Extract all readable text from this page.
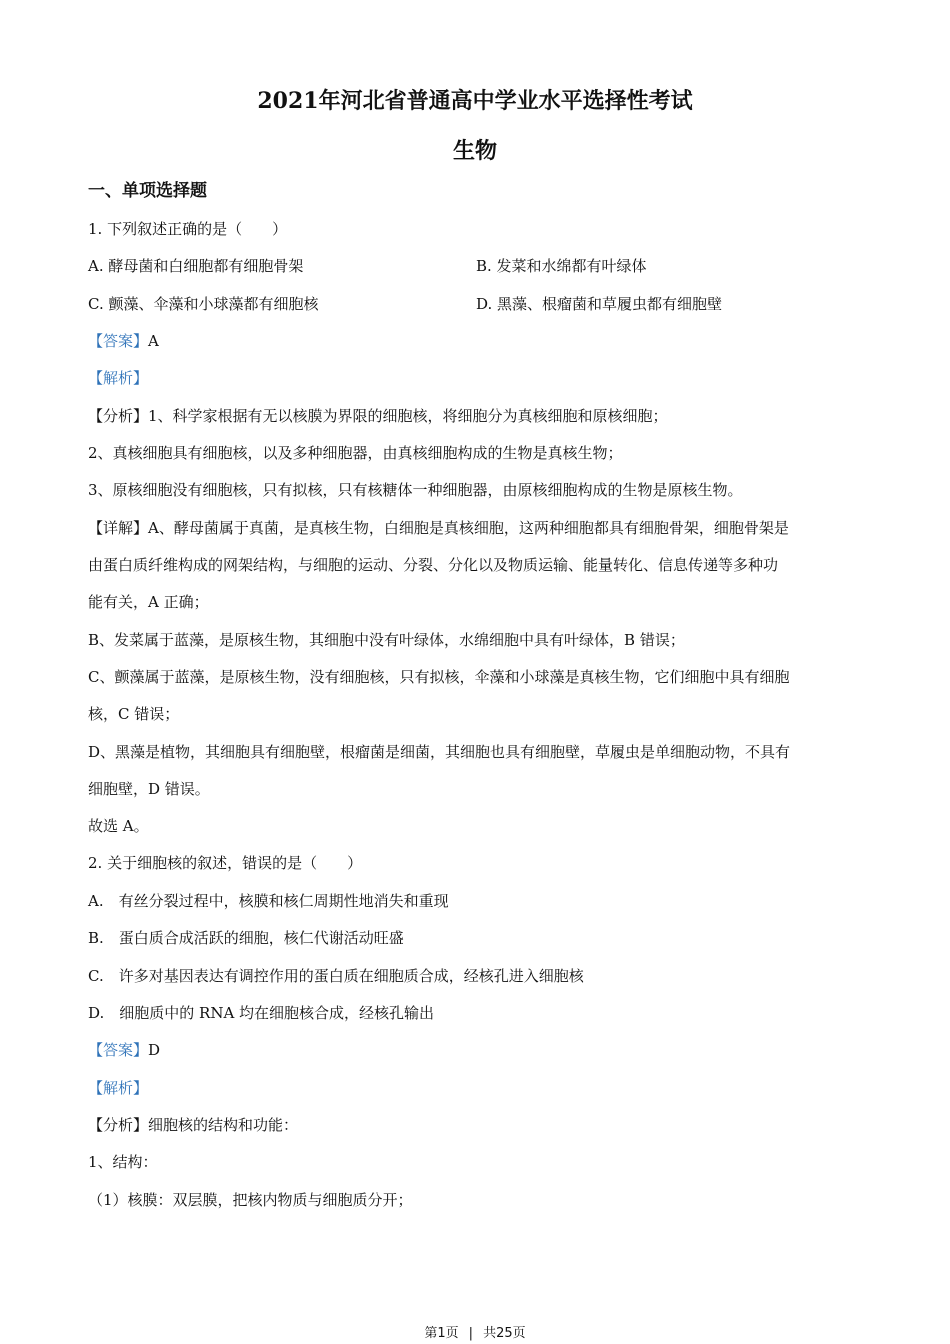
2021年河北省普通高中学业水平选择性考试
生物
一、单项选择题
1. 下列叙述正确的是（　　）
A. 酵母菌和白细胞都有细胞骨架	B. 发菜和水绵都有叶绿体
C. 颤藻、伞藻和小球藻都有细胞核	D. 黑藻、根瘤菌和草履虫都有细胞壁
【答案】A
【解析】
【分析】1、科学家根据有无以核膜为界限的细胞核，将细胞分为真核细胞和原核细胞；
2、真核细胞具有细胞核，以及多种细胞器，由真核细胞构成的生物是真核生物；
3、原核细胞没有细胞核，只有拟核，只有核糖体一种细胞器，由原核细胞构成的生物是原核生物。
【详解】A、酵母菌属于真菌，是真核生物，白细胞是真核细胞，这两种细胞都具有细胞骨架，细胞骨架是
由蛋白质纤维构成的网架结构，与细胞的运动、分裂、分化以及物质运输、能量转化、信息传递等多种功
能有关，A 正确；
B、发菜属于蓝藻，是原核生物，其细胞中没有叶绿体，水绵细胞中具有叶绿体，B 错误；
C、颤藻属于蓝藻，是原核生物，没有细胞核，只有拟核，伞藻和小球藻是真核生物，它们细胞中具有细胞
核，C 错误；
D、黑藻是植物，其细胞具有细胞壁，根瘤菌是细菌，其细胞也具有细胞壁，草履虫是单细胞动物，不具有
细胞壁，D 错误。
故选 A。
2. 关于细胞核的叙述，错误的是（　　）
A.　有丝分裂过程中，核膜和核仁周期性地消失和重现
B.　蛋白质合成活跃的细胞，核仁代谢活动旺盛
C.　许多对基因表达有调控作用的蛋白质在细胞质合成，经核孔进入细胞核
D.　细胞质中的 RNA 均在细胞核合成，经核孔输出
【答案】D
【解析】
【分析】细胞核的结构和功能：
1、结构：
（1）核膜：双层膜，把核内物质与细胞质分开；
第1页 | 共25页
